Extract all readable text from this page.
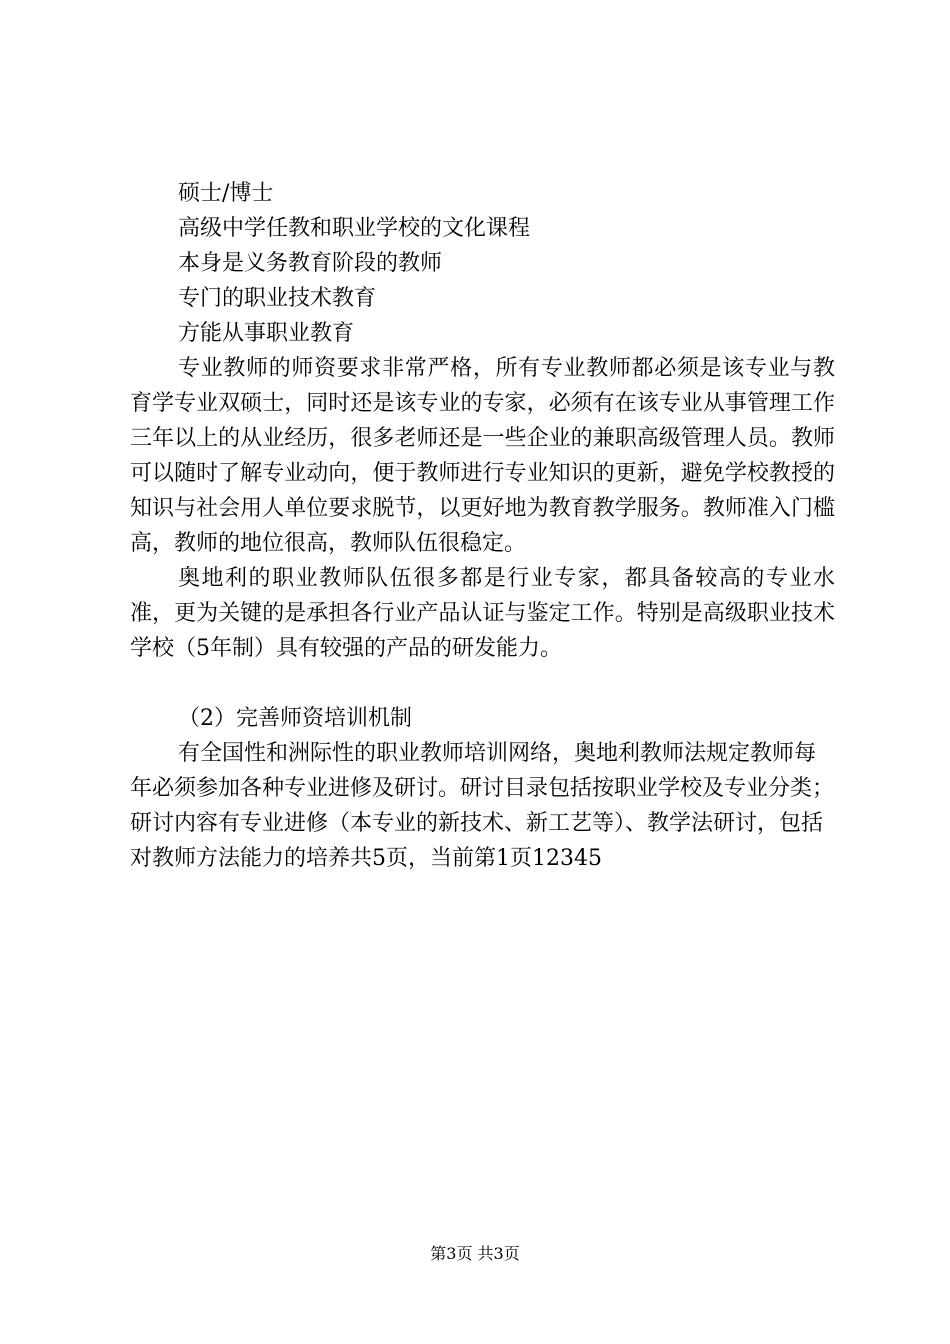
硕士/博士
高级中学任教和职业学校的文化课程
本身是义务教育阶段的教师
专门的职业技术教育
方能从事职业教育

专业教师的师资要求非常严格，所有专业教师都必须是该专业与教育学专业双硕士，同时还是该专业的专家，必须有在该专业从事管理工作三年以上的从业经历，很多老师还是一些企业的兼职高级管理人员。教师可以随时了解专业动向，便于教师进行专业知识的更新，避免学校教授的知识与社会用人单位要求脱节，以更好地为教育教学服务。教师准入门槛高，教师的地位很高，教师队伍很稳定。

奥地利的职业教师队伍很多都是行业专家，都具备较高的专业水准，更为关键的是承担各行业产品认证与鉴定工作。特别是高级职业技术学校（5年制）具有较强的产品的研发能力。

（2）完善师资培训机制

有全国性和洲际性的职业教师培训网络，奥地利教师法规定教师每年必须参加各种专业进修及研讨。研讨目录包括按职业学校及专业分类；研讨内容有专业进修（本专业的新技术、新工艺等）、教学法研讨，包括对教师方法能力的培养共5页，当前第1页12345

第3页 共3页
